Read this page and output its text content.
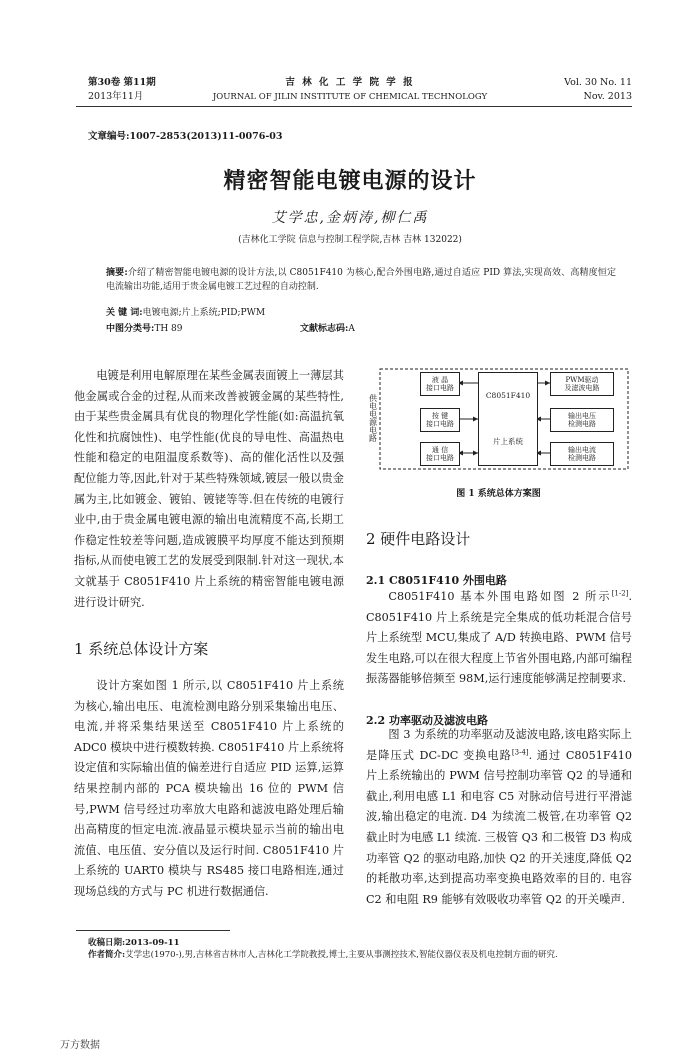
第30卷 第11期
2013年11月
吉 林 化 工 学 院 学 报
JOURNAL OF JILIN INSTITUTE OF CHEMICAL TECHNOLOGY
Vol. 30 No. 11
Nov. 2013
文章编号:1007-2853(2013)11-0076-03
精密智能电镀电源的设计
艾学忠,金炳涛,柳仁禹
(吉林化工学院 信息与控制工程学院,吉林 吉林 132022)
摘要:介绍了精密智能电镀电源的设计方法,以 C8051F410 为核心,配合外围电路,通过自适应 PID 算法,实现高效、高精度恒定电流输出功能,适用于贵金属电镀工艺过程的自动控制.
关 键 词:电镀电源;片上系统;PID;PWM
中图分类号:TH 89	文献标志码:A

电镀是利用电解原理在某些金属表面镀上一薄层其他金属或合金的过程,从而来改善被镀金属的某些特性,由于某些贵金属具有优良的物理化学性能(如:高温抗氧化性和抗腐蚀性)、电学性能(优良的导电性、高温热电性能和稳定的电阻温度系数等)、高的催化活性以及强配位能力等,因此,针对于某些特殊领域,镀层一般以贵金属为主,比如镀金、镀铂、镀铑等等.但在传统的电镀行业中,由于贵金属电镀电源的输出电流精度不高,长期工作稳定性较差等问题,造成镀膜平均厚度不能达到预期指标,从而使电镀工艺的发展受到限制.针对这一现状,本文就基于 C8051F410 片上系统的精密智能电镀电源进行设计研究.

1 系统总体设计方案

设计方案如图 1 所示,以 C8051F410 片上系统为核心,输出电压、电流检测电路分别采集输出电压、电流,并将采集结果送至 C8051F410 片上系统的 ADC0 模块中进行模数转换. C8051F410 片上系统将设定值和实际输出值的偏差进行自适应 PID 运算,运算结果控制内部的 PCA 模块输出 16 位的 PWM 信号,PWM 信号经过功率放大电路和滤波电路处理后输出高精度的恒定电流.液晶显示模块显示当前的输出电流值、电压值、安分值以及运行时间. C8051F410 片上系统的 UART0 模块与 RS485 接口电路相连,通过现场总线的方式与 PC 机进行数据通信.

供电电源电路
液 晶
接口电路
按 键
接口电路
通 信
接口电路
C8051F410
片上系统
PWM驱动
及滤波电路
输出电压
检测电路
输出电流
检测电路
图 1 系统总体方案图
2 硬件电路设计
2.1 C8051F410 外围电路

C8051F410 基本外围电路如图 2 所示[1-2]. C8051F410 片上系统是完全集成的低功耗混合信号片上系统型 MCU,集成了 A/D 转换电路、PWM 信号发生电路,可以在很大程度上节省外围电路,内部可编程振荡器能够倍频至 98M,运行速度能够满足控制要求.

2.2 功率驱动及滤波电路

图 3 为系统的功率驱动及滤波电路,该电路实际上是降压式 DC-DC 变换电路[3-4]. 通过 C8051F410 片上系统输出的 PWM 信号控制功率管 Q2 的导通和截止,利用电感 L1 和电容 C5 对脉动信号进行平滑滤波,输出稳定的电流. D4 为续流二极管,在功率管 Q2 截止时为电感 L1 续流. 三极管 Q3 和二极管 D3 构成功率管 Q2 的驱动电路,加快 Q2 的开关速度,降低 Q2 的耗散功率,达到提高功率变换电路效率的目的. 电容 C2 和电阻 R9 能够有效吸收功率管 Q2 的开关噪声.

收稿日期:2013-09-11
作者简介:艾学忠(1970-),男,吉林省吉林市人,吉林化工学院教授,博士,主要从事测控技术,智能仪器仪表及机电控制方面的研究.
万方数据
